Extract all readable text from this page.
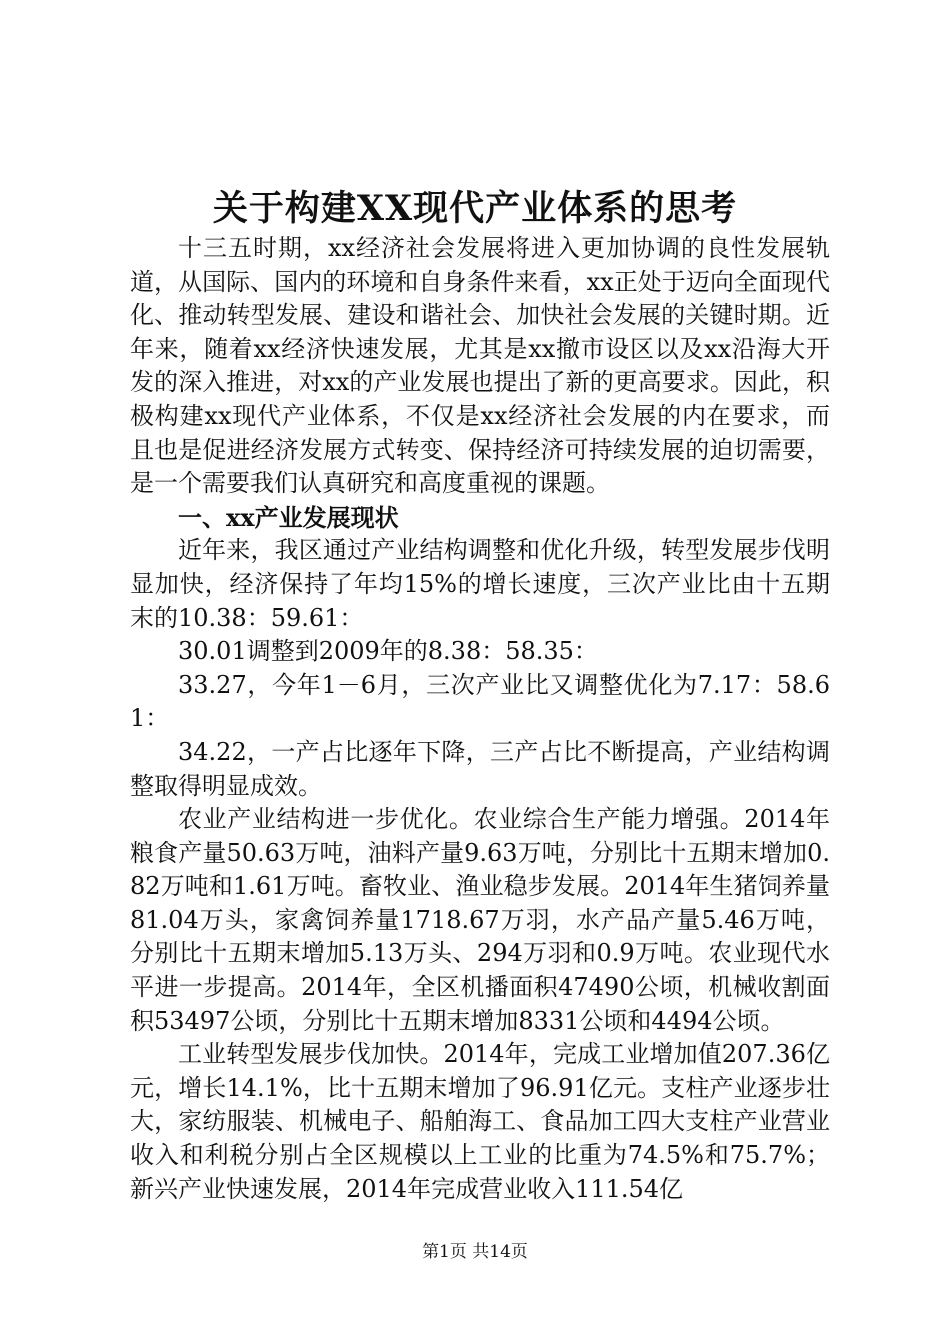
关于构建XX现代产业体系的思考

十三五时期，xx经济社会发展将进入更加协调的良性发展轨道，从国际、国内的环境和自身条件来看，xx正处于迈向全面现代化、推动转型发展、建设和谐社会、加快社会发展的关键时期。近年来，随着xx经济快速发展，尤其是xx撤市设区以及xx沿海大开发的深入推进，对xx的产业发展也提出了新的更高要求。因此，积极构建xx现代产业体系，不仅是xx经济社会发展的内在要求，而且也是促进经济发展方式转变、保持经济可持续发展的迫切需要，是一个需要我们认真研究和高度重视的课题。

一、xx产业发展现状

近年来，我区通过产业结构调整和优化升级，转型发展步伐明显加快，经济保持了年均15%的增长速度，三次产业比由十五期末的10.38：59.61：

30.01调整到2009年的8.38：58.35：

33.27，今年1－6月，三次产业比又调整优化为7.17：58.61：

34.22，一产占比逐年下降，三产占比不断提高，产业结构调整取得明显成效。

农业产业结构进一步优化。农业综合生产能力增强。2014年粮食产量50.63万吨，油料产量9.63万吨，分别比十五期末增加0.82万吨和1.61万吨。畜牧业、渔业稳步发展。2014年生猪饲养量81.04万头，家禽饲养量1718.67万羽，水产品产量5.46万吨，分别比十五期末增加5.13万头、294万羽和0.9万吨。农业现代水平进一步提高。2014年，全区机播面积47490公顷，机械收割面积53497公顷，分别比十五期末增加8331公顷和4494公顷。

工业转型发展步伐加快。2014年，完成工业增加值207.36亿元，增长14.1%，比十五期末增加了96.91亿元。支柱产业逐步壮大，家纺服装、机械电子、船舶海工、食品加工四大支柱产业营业收入和利税分别占全区规模以上工业的比重为74.5%和75.7%；新兴产业快速发展，2014年完成营业收入111.54亿

第1页 共14页
